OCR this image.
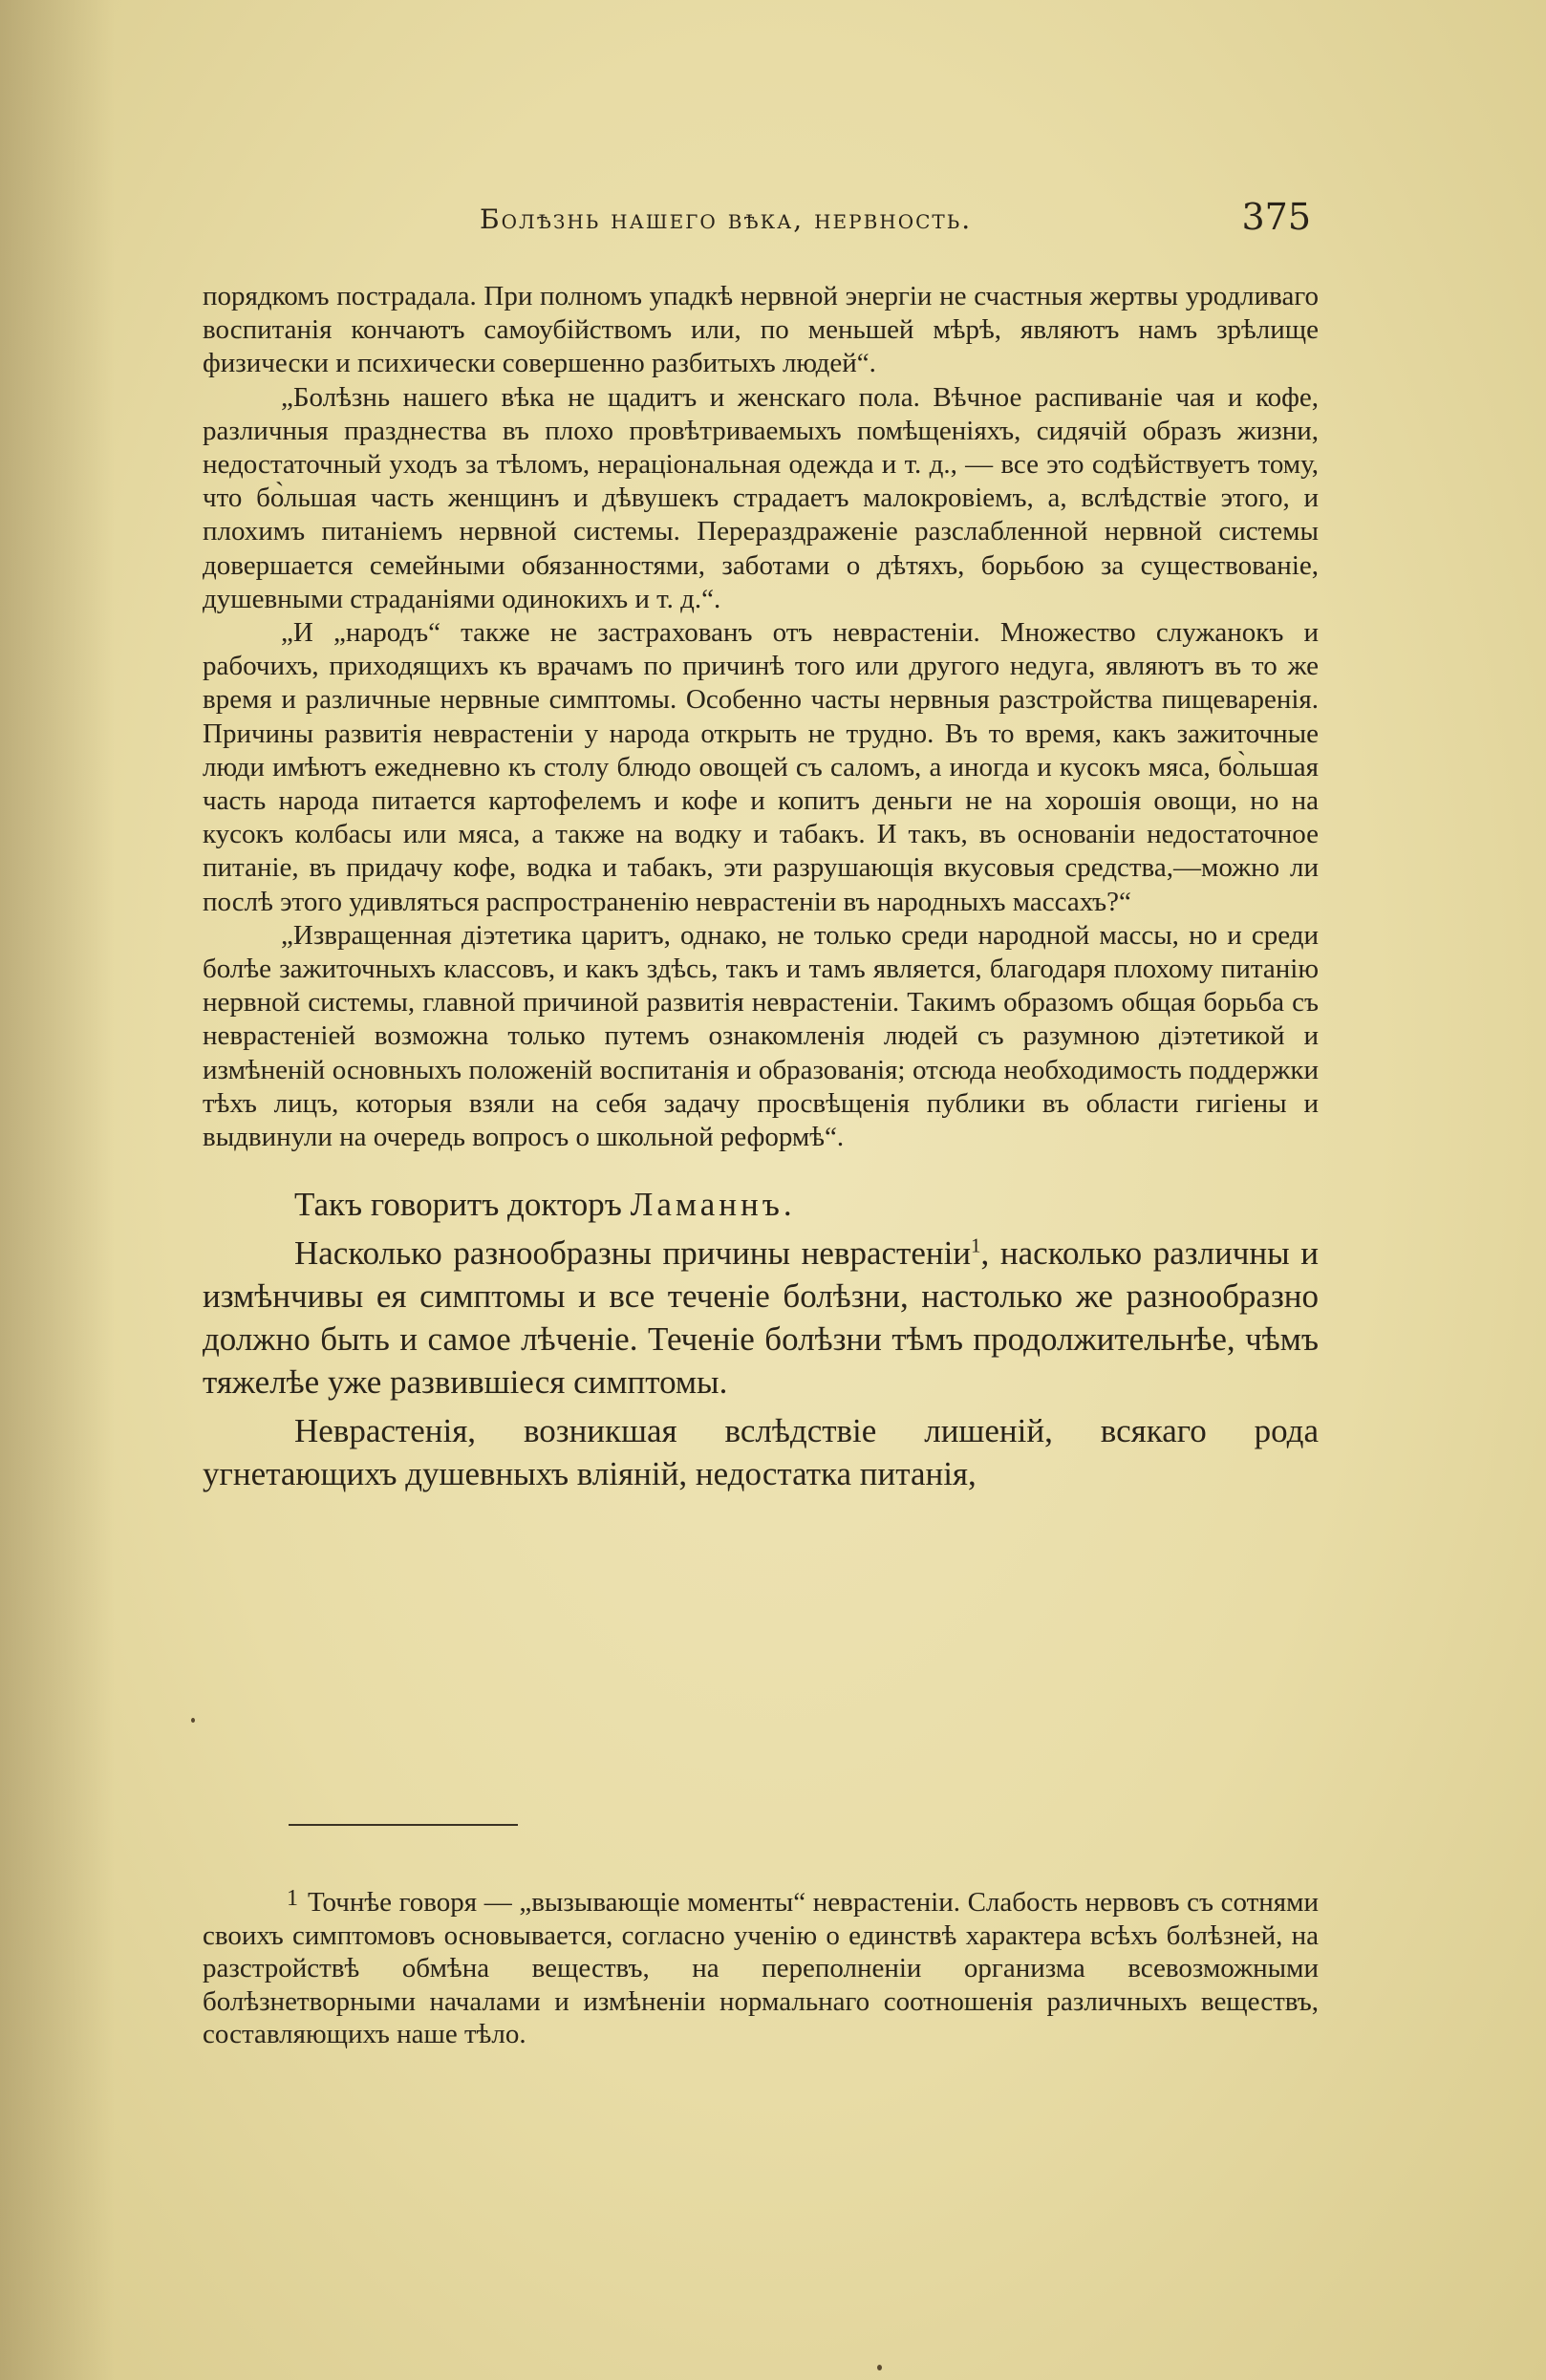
Болѣзнь нашего вѣка, нервность.	375

порядкомъ пострадала. При полномъ упадкѣ нервной энергіи не счастныя жертвы уродливаго воспитанія кончаютъ самоубійствомъ или, по меньшей мѣрѣ, являютъ намъ зрѣлище физически и психически совершенно разбитыхъ людей“.

„Болѣзнь нашего вѣка не щадитъ и женскаго пола. Вѣчное распиваніе чая и кофе, различныя празднества въ плохо провѣтриваемыхъ помѣщеніяхъ, сидячій образъ жизни, недостаточный уходъ за тѣломъ, нераціональная одежда и т. д., — все это содѣйствуетъ тому, что бо̀льшая часть женщинъ и дѣвушекъ страдаетъ малокровіемъ, а, вслѣдствіе этого, и плохимъ питаніемъ нервной системы. Перераздраженіе разслабленной нервной системы довершается семейными обязанностями, заботами о дѣтяхъ, борьбою за существованіе, душевными страданіями одинокихъ и т. д.“.

„И „народъ“ также не застрахованъ отъ неврастеніи. Множество служанокъ и рабочихъ, приходящихъ къ врачамъ по причинѣ того или другого недуга, являютъ въ то же время и различные нервные симптомы. Особенно часты нервныя разстройства пищеваренія. Причины развитія неврастеніи у народа открыть не трудно. Въ то время, какъ зажиточные люди имѣютъ ежедневно къ столу блюдо овощей съ саломъ, а иногда и кусокъ мяса, бо̀льшая часть народа питается картофелемъ и кофе и копитъ деньги не на хорошія овощи, но на кусокъ колбасы или мяса, а также на водку и табакъ. И такъ, въ основаніи недостаточное питаніе, въ придачу кофе, водка и табакъ, эти разрушающія вкусовыя средства,—можно ли послѣ этого удивляться распространенію неврастеніи въ народныхъ массахъ?“

„Извращенная діэтетика царитъ, однако, не только среди народной массы, но и среди болѣе зажиточныхъ классовъ, и какъ здѣсь, такъ и тамъ является, благодаря плохому питанію нервной системы, главной причиной развитія неврастеніи. Такимъ образомъ общая борьба съ неврастеніей возможна только путемъ ознакомленія людей съ разумною діэтетикой и измѣненій основныхъ положеній воспитанія и образованія; отсюда необходимость поддержки тѣхъ лицъ, которыя взяли на себя задачу просвѣщенія публики въ области гигіены и выдвинули на очередь вопросъ о школьной реформѣ“.

Такъ говоритъ докторъ Ламаннъ.

Насколько разнообразны причины неврастеніи$^1$, насколько различны и измѣнчивы ея симптомы и все теченіе болѣзни, настолько же разнообразно должно быть и самое лѣченіе. Теченіе болѣзни тѣмъ продолжительнѣе, чѣмъ тяжелѣе уже развившіеся симптомы.

Неврастенія, возникшая вслѣдствіе лишеній, всякаго рода угнетающихъ душевныхъ вліяній, недостатка питанія,

$^1$ Точнѣе говоря — „вызывающіе моменты“ неврастеніи. Слабость нервовъ съ сотнями своихъ симптомовъ основывается, согласно ученію о единствѣ характера всѣхъ болѣзней, на разстройствѣ обмѣна веществъ, на переполненіи организма всевозможными болѣзнетворными началами и измѣненіи нормальнаго соотношенія различныхъ веществъ, составляющихъ наше тѣло.
